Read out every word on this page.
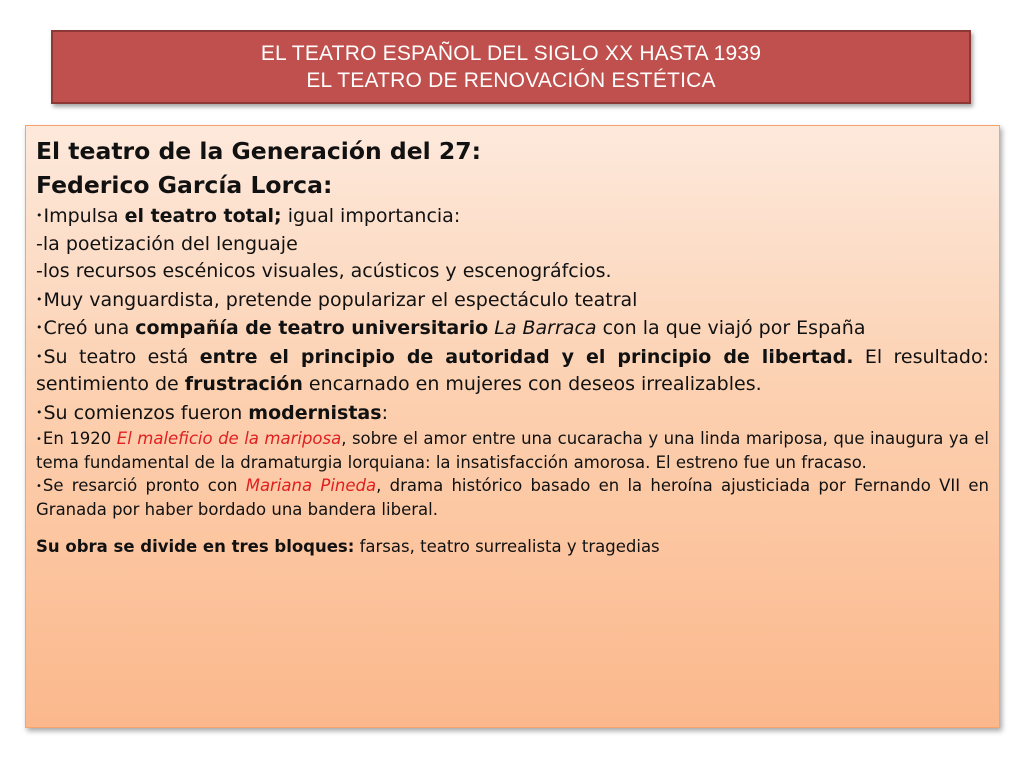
EL TEATRO ESPAÑOL DEL SIGLO XX HASTA 1939
EL TEATRO DE RENOVACIÓN ESTÉTICA

El teatro de la Generación del 27:

Federico García Lorca:

•Impulsa el teatro total; igual importancia:

-la poetización del lenguaje

-los recursos escénicos visuales, acústicos y escenográfcios.

•Muy vanguardista, pretende popularizar el espectáculo teatral

•Creó una compañía de teatro universitario La Barraca con la que viajó por España

•Su teatro está entre el principio de autoridad y el principio de libertad. El resultado: sentimiento de frustración encarnado en mujeres con deseos irrealizables.

•Su comienzos fueron modernistas:

•En 1920 El maleficio de la mariposa, sobre el amor entre una cucaracha y una linda mariposa, que inaugura ya el tema fundamental de la dramaturgia lorquiana: la insatisfacción amorosa. El estreno fue un fracaso.

•Se resarció pronto con Mariana Pineda, drama histórico basado en la heroína ajusticiada por Fernando VII en Granada por haber bordado una bandera liberal.

Su obra se divide en tres bloques: farsas, teatro surrealista y tragedias
